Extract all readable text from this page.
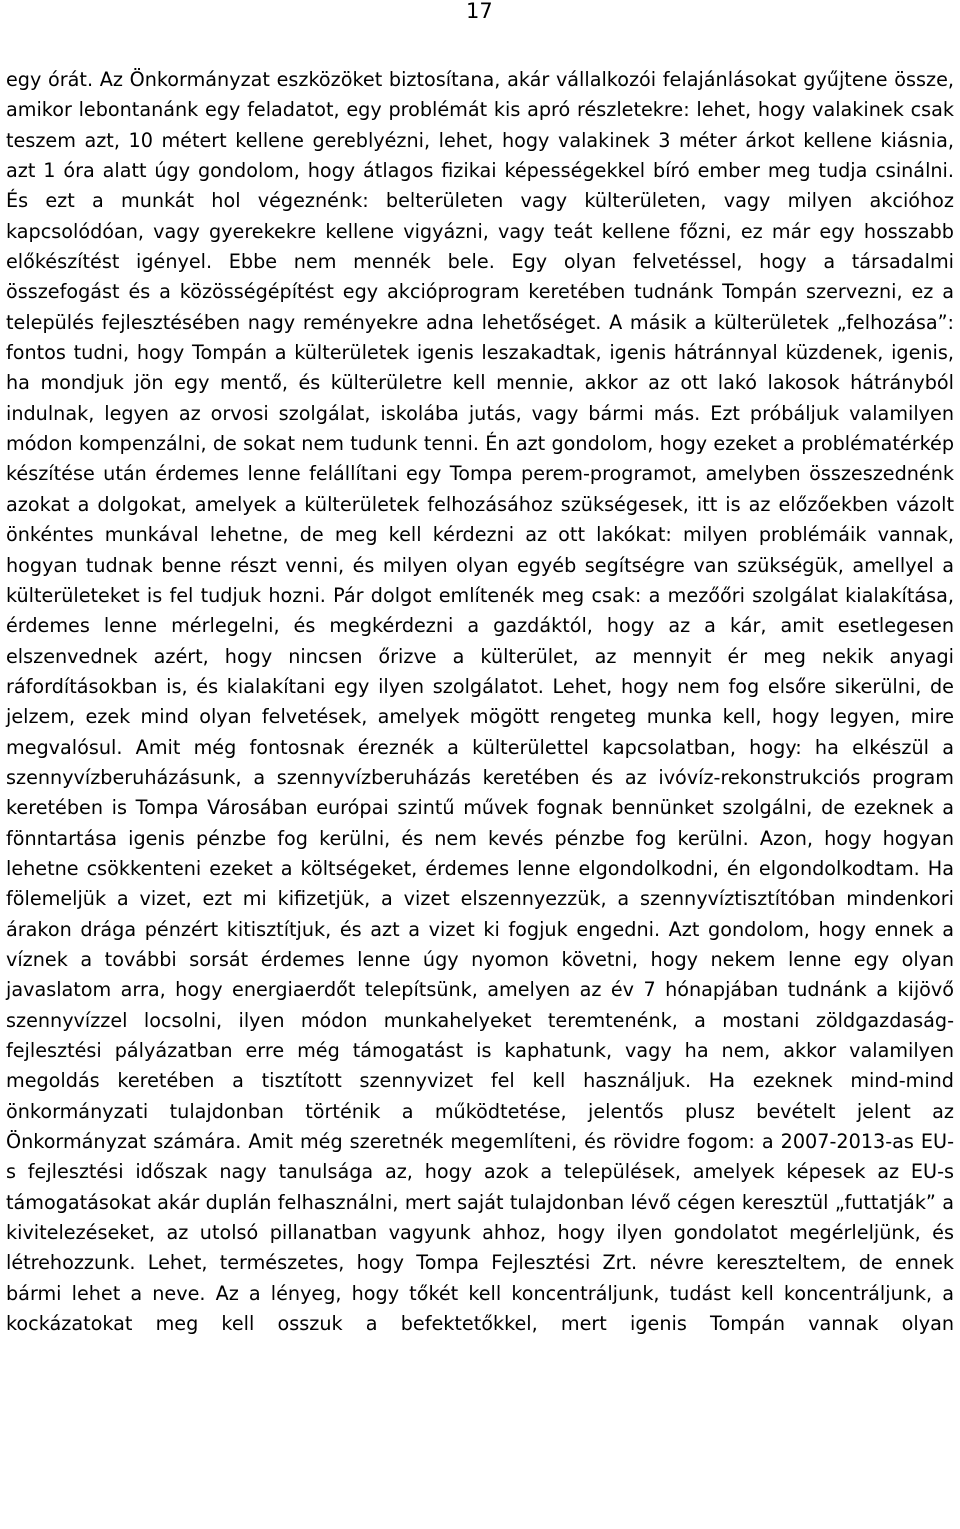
17

egy órát. Az Önkormányzat eszközöket biztosítana, akár vállalkozói felajánlásokat gyűjtene össze, amikor lebontanánk egy feladatot, egy problémát kis apró részletekre: lehet, hogy valakinek csak teszem azt, 10 métert kellene gereblyézni, lehet, hogy valakinek 3 méter árkot kellene kiásnia, azt 1 óra alatt úgy gondolom, hogy átlagos fizikai képességekkel bíró ember meg tudja csinálni. És ezt a munkát hol végeznénk: belterületen vagy külterületen, vagy milyen akcióhoz kapcsolódóan, vagy gyerekekre kellene vigyázni, vagy teát kellene főzni, ez már egy hosszabb előkészítést igényel. Ebbe nem mennék bele. Egy olyan felvetéssel, hogy a társadalmi összefogást és a közösségépítést egy akcióprogram keretében tudnánk Tompán szervezni, ez a település fejlesztésében nagy reményekre adna lehetőséget. A másik a külterületek „felhozása”: fontos tudni, hogy Tompán a külterületek igenis leszakadtak, igenis hátránnyal küzdenek, igenis, ha mondjuk jön egy mentő, és külterületre kell mennie, akkor az ott lakó lakosok hátrányból indulnak, legyen az orvosi szolgálat, iskolába jutás, vagy bármi más. Ezt próbáljuk valamilyen módon kompenzálni, de sokat nem tudunk tenni. Én azt gondolom, hogy ezeket a problématérkép készítése után érdemes lenne felállítani egy Tompa perem-programot, amelyben összeszednénk azokat a dolgokat, amelyek a külterületek felhozásához szükségesek, itt is az előzőekben vázolt önkéntes munkával lehetne, de meg kell kérdezni az ott lakókat: milyen problémáik vannak, hogyan tudnak benne részt venni, és milyen olyan egyéb segítségre van szükségük, amellyel a külterületeket is fel tudjuk hozni. Pár dolgot említenék meg csak: a mezőőri szolgálat kialakítása, érdemes lenne mérlegelni, és megkérdezni a gazdáktól, hogy az a kár, amit esetlegesen elszenvednek azért, hogy nincsen őrizve a külterület, az mennyit ér meg nekik anyagi ráfordításokban is, és kialakítani egy ilyen szolgálatot. Lehet, hogy nem fog elsőre sikerülni, de jelzem, ezek mind olyan felvetések, amelyek mögött rengeteg munka kell, hogy legyen, mire megvalósul. Amit még fontosnak éreznék a külterülettel kapcsolatban, hogy: ha elkészül a szennyvízberuházásunk, a szennyvízberuházás keretében és az ivóvíz-rekonstrukciós program keretében is Tompa Városában európai szintű művek fognak bennünket szolgálni, de ezeknek a fönntartása igenis pénzbe fog kerülni, és nem kevés pénzbe fog kerülni. Azon, hogy hogyan lehetne csökkenteni ezeket a költségeket, érdemes lenne elgondolkodni, én elgondolkodtam. Ha fölemeljük a vizet, ezt mi kifizetjük, a vizet elszennyezzük, a szennyvíztisztítóban mindenkori árakon drága pénzért kitisztítjuk, és azt a vizet ki fogjuk engedni. Azt gondolom, hogy ennek a víznek a további sorsát érdemes lenne úgy nyomon követni, hogy nekem lenne egy olyan javaslatom arra, hogy energiaerdőt telepítsünk, amelyen az év 7 hónapjában tudnánk a kijövő szennyvízzel locsolni, ilyen módon munkahelyeket teremtenénk, a mostani zöldgazdaság-fejlesztési pályázatban erre még támogatást is kaphatunk, vagy ha nem, akkor valamilyen megoldás keretében a tisztított szennyvizet fel kell használjuk. Ha ezeknek mind-mind önkormányzati tulajdonban történik a működtetése, jelentős plusz bevételt jelent az Önkormányzat számára. Amit még szeretnék megemlíteni, és rövidre fogom: a 2007-2013-as EU-s fejlesztési időszak nagy tanulsága az, hogy azok a települések, amelyek képesek az EU-s támogatásokat akár duplán felhasználni, mert saját tulajdonban lévő cégen keresztül „futtatják” a kivitelezéseket, az utolsó pillanatban vagyunk ahhoz, hogy ilyen gondolatot megérleljünk, és létrehozzunk. Lehet, természetes, hogy Tompa Fejlesztési Zrt. névre kereszteltem, de ennek bármi lehet a neve. Az a lényeg, hogy tőkét kell koncentráljunk, tudást kell koncentráljunk, a kockázatokat meg kell osszuk a befektetőkkel, mert igenis Tompán vannak olyan
